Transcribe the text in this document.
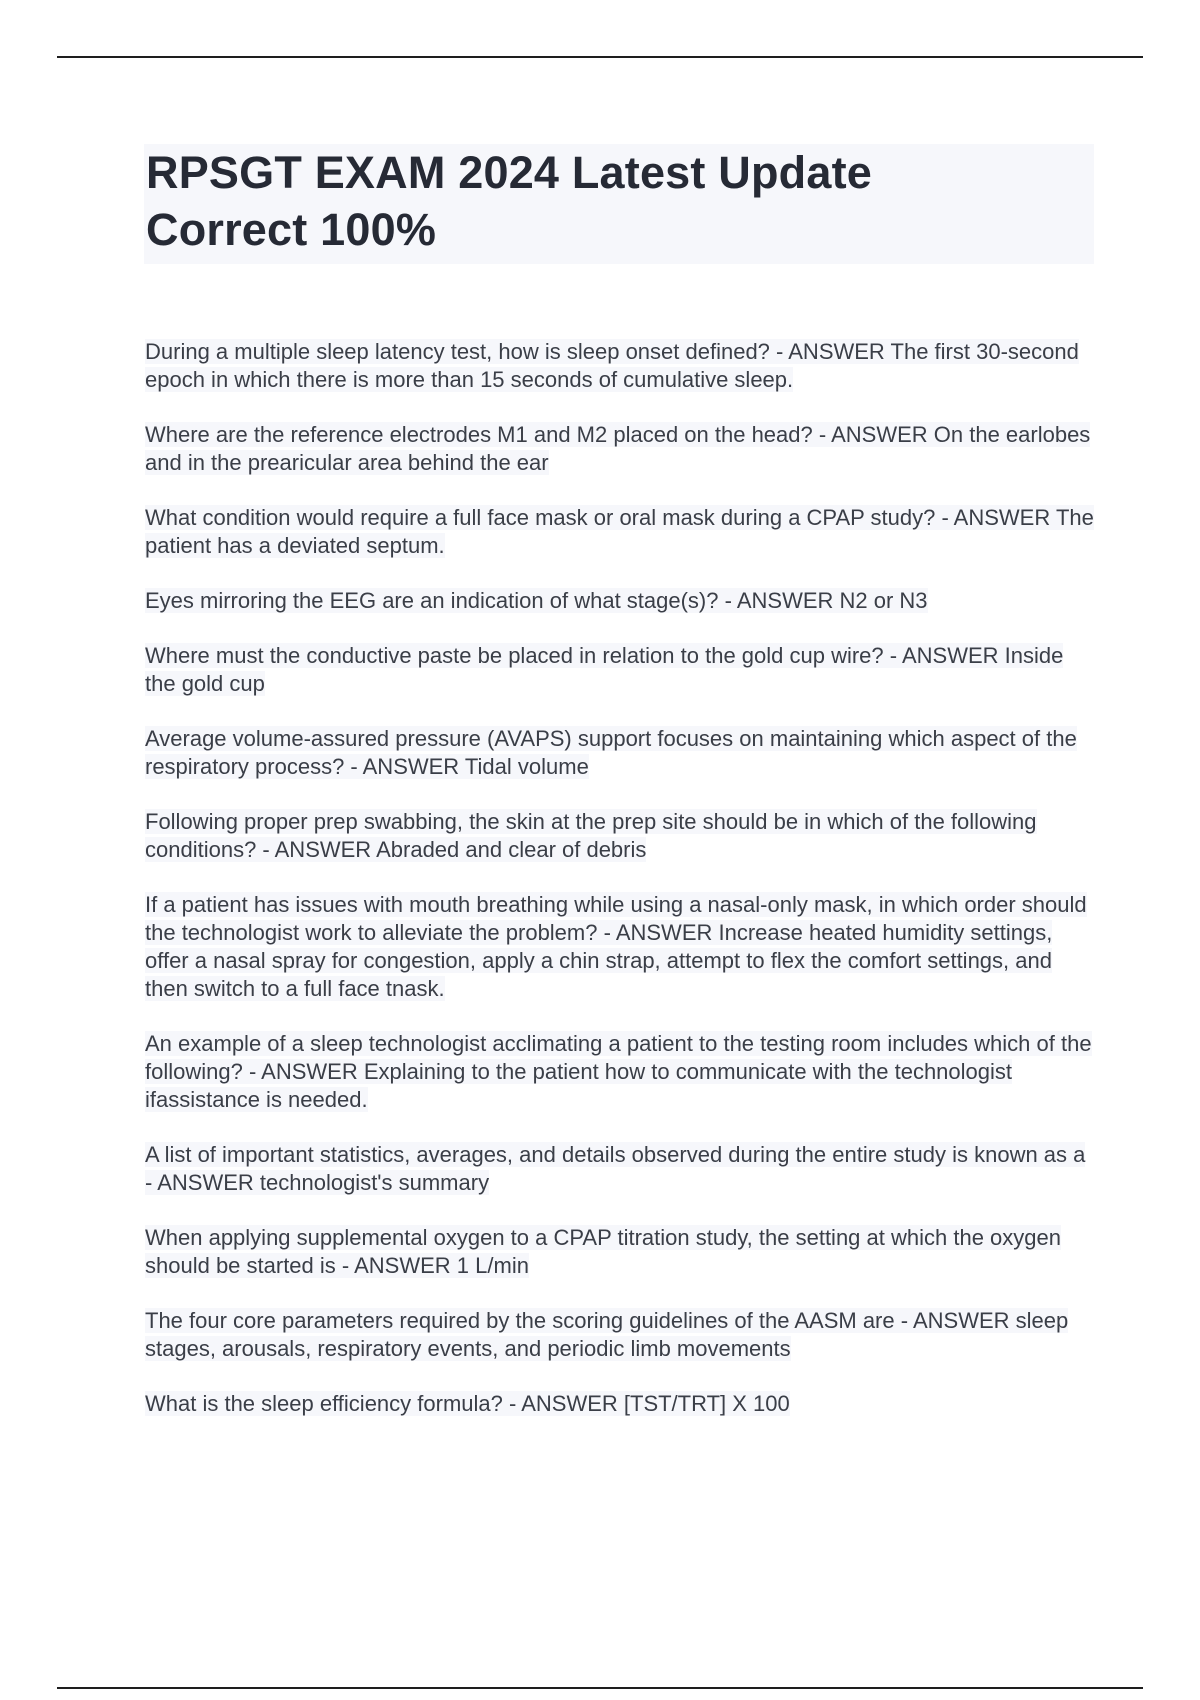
RPSGT EXAM 2024 Latest Update
Correct 100%

During a multiple sleep latency test, how is sleep onset defined? - ANSWER The first 30-second epoch in which there is more than 15 seconds of cumulative sleep.

Where are the reference electrodes M1 and M2 placed on the head? - ANSWER On the earlobes and in the prearicular area behind the ear

What condition would require a full face mask or oral mask during a CPAP study? - ANSWER The patient has a deviated septum.

Eyes mirroring the EEG are an indication of what stage(s)? - ANSWER N2 or N3

Where must the conductive paste be placed in relation to the gold cup wire? - ANSWER Inside the gold cup

Average volume-assured pressure (AVAPS) support focuses on maintaining which aspect of the respiratory process? - ANSWER Tidal volume

Following proper prep swabbing, the skin at the prep site should be in which of the following conditions? - ANSWER Abraded and clear of debris

If a patient has issues with mouth breathing while using a nasal-only mask, in which order should the technologist work to alleviate the problem? - ANSWER Increase heated humidity settings, offer a nasal spray for congestion, apply a chin strap, attempt to flex the comfort settings, and then switch to a full face tnask.

An example of a sleep technologist acclimating a patient to the testing room includes which of the following? - ANSWER Explaining to the patient how to communicate with the technologist ifassistance is needed.

A list of important statistics, averages, and details observed during the entire study is known as a - ANSWER technologist's summary

When applying supplemental oxygen to a CPAP titration study, the setting at which the oxygen should be started is - ANSWER 1 L/min

The four core parameters required by the scoring guidelines of the AASM are - ANSWER sleep stages, arousals, respiratory events, and periodic limb movements

What is the sleep efficiency formula? - ANSWER [TST/TRT] X 100
